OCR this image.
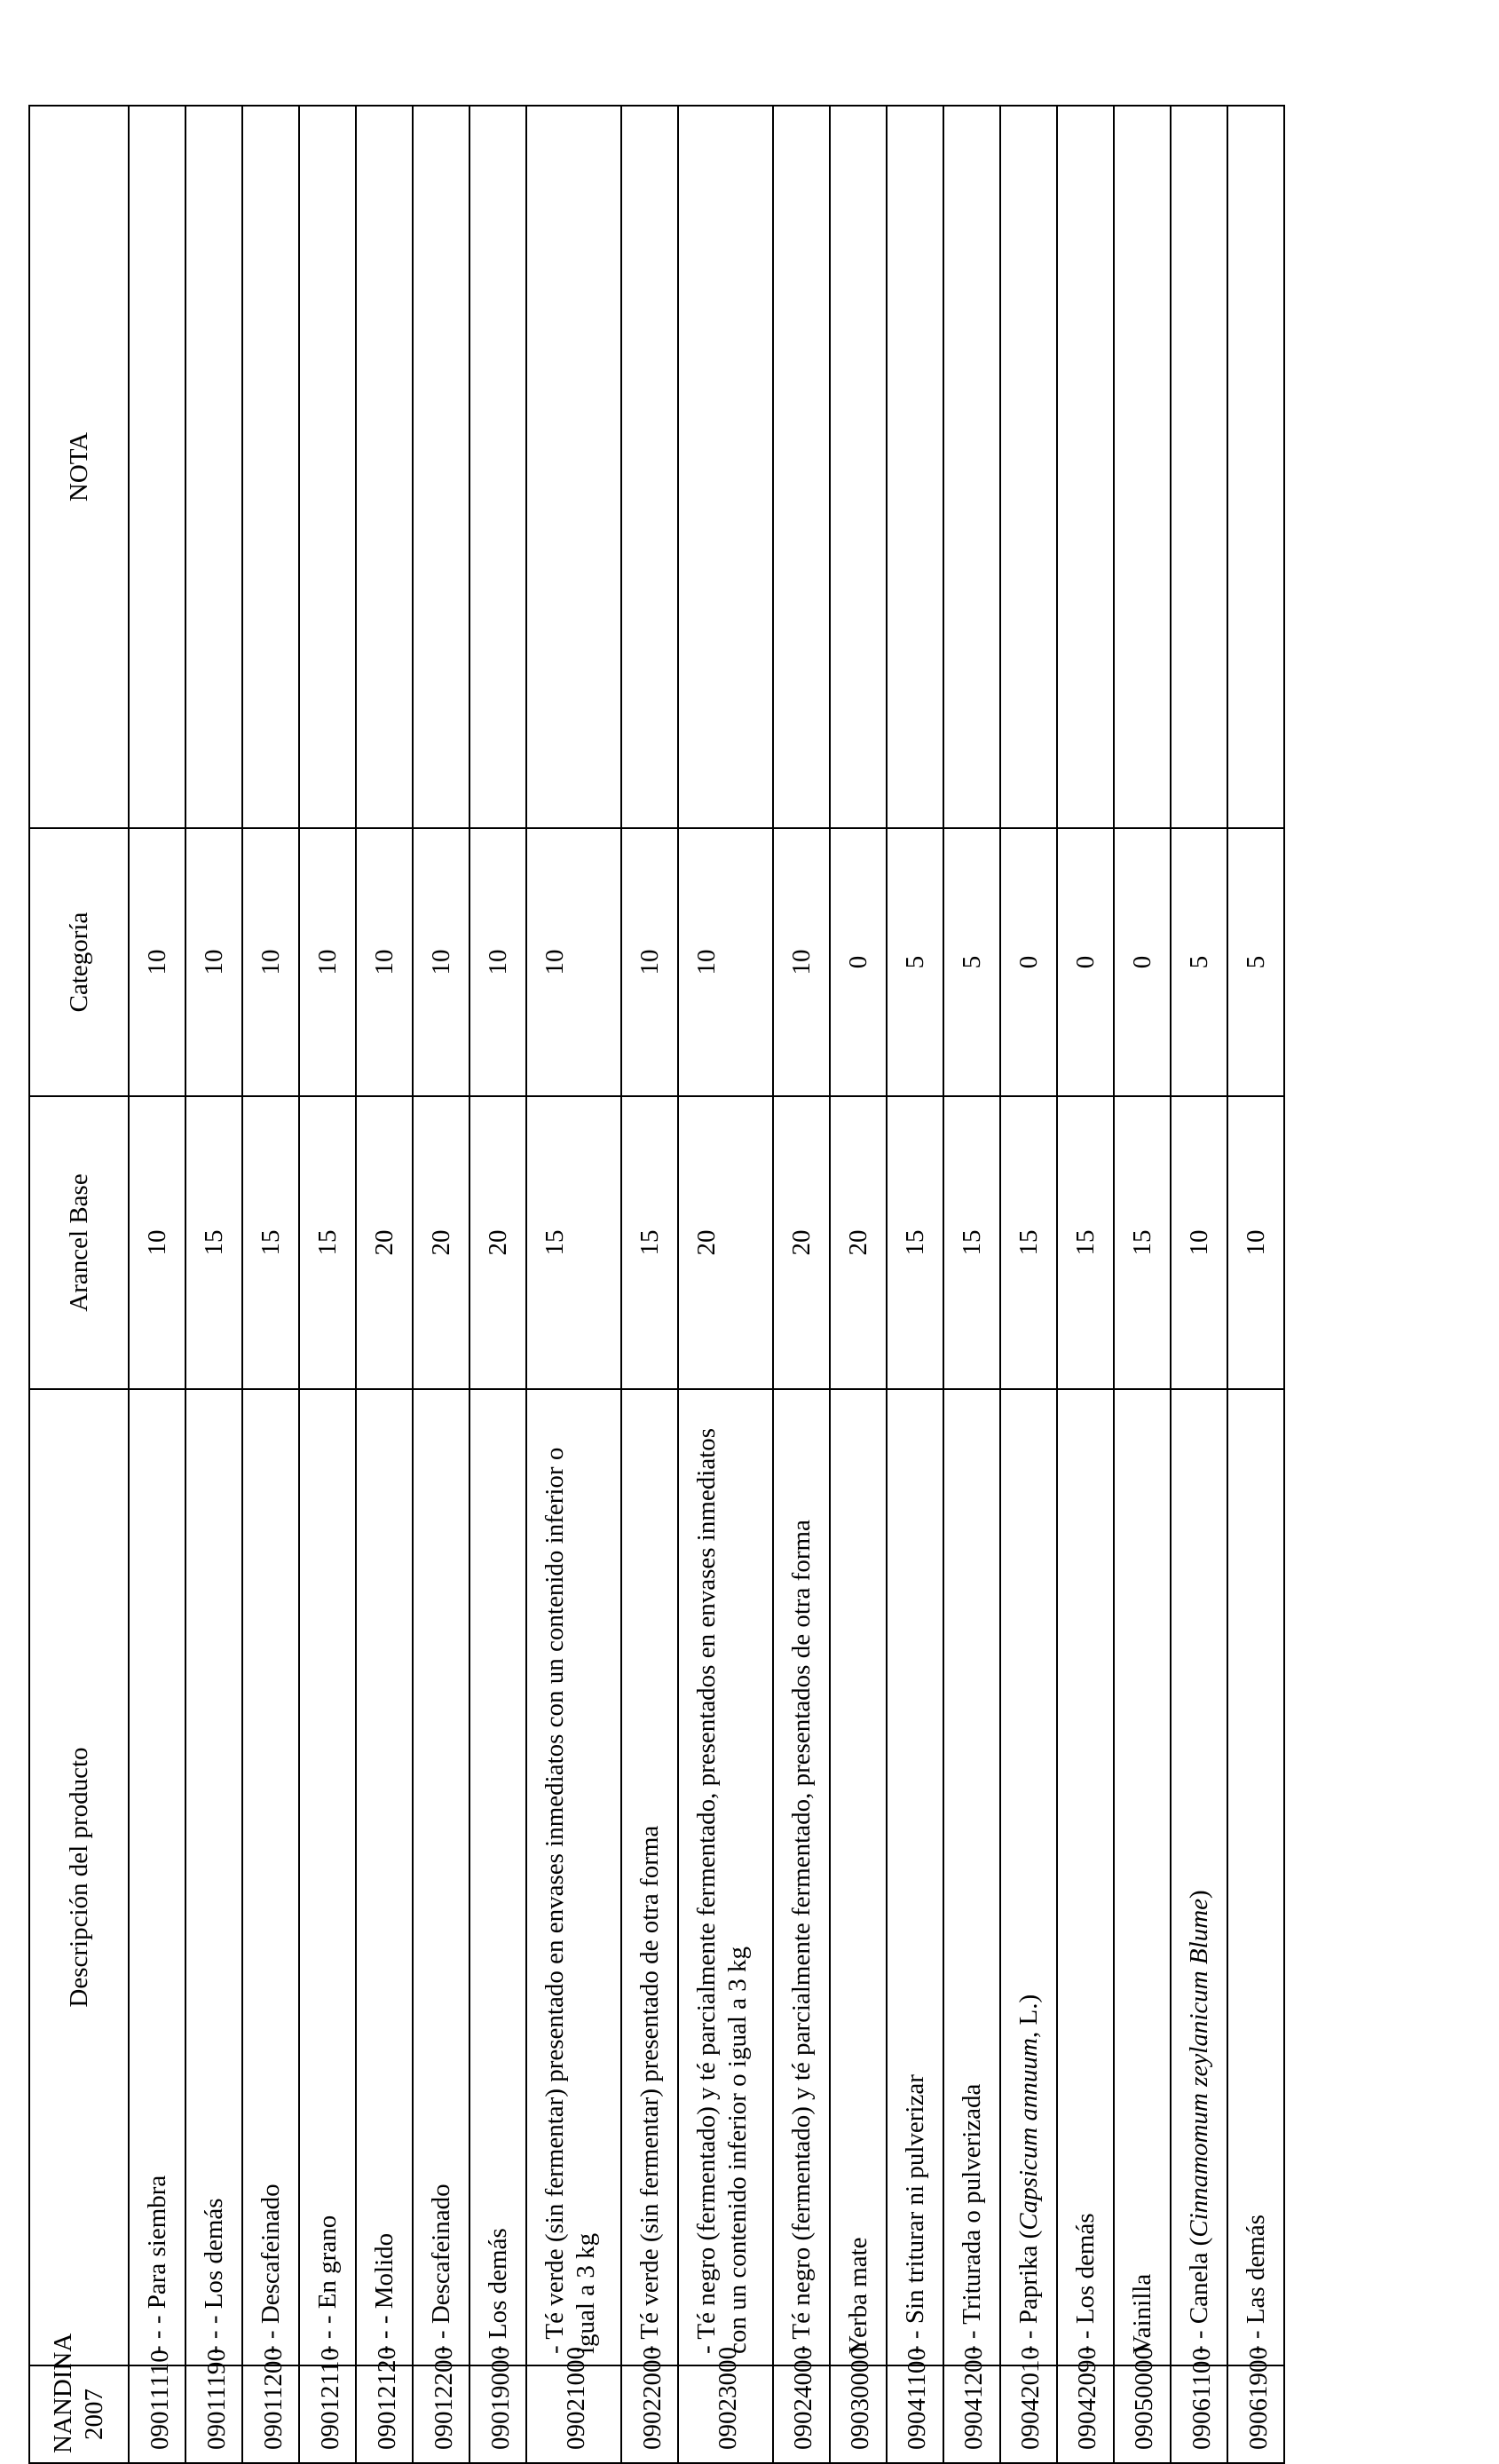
NANDINA 2007	Descripción del producto	Arancel Base	Categoría	NOTA
09011110	- - - Para siembra	10	10	
09011190	- - - Los demás	15	10	
09011200	- - Descafeinado	15	10	
09012110	- - - En grano	15	10	
09012120	- - - Molido	20	10	
09012200	- - Descafeinado	20	10	
09019000	- Los demás	20	10	
09021000	- Té verde (sin fermentar) presentado en envases inmediatos con un contenido inferior o igual a 3 kg	15	10	
09022000	- Té verde (sin fermentar) presentado de otra forma	15	10	
09023000	- Té negro (fermentado) y té parcialmente fermentado, presentados en envases inmediatos con un contenido inferior o igual a 3 kg	20	10	
09024000	- Té negro (fermentado) y té parcialmente fermentado, presentados de otra forma	20	10	
09030000	Yerba mate	20	0	
09041100	- - Sin triturar ni pulverizar	15	5	
09041200	- - Triturada o pulverizada	15	5	
09042010	- - Paprika (Capsicum annuum, L.)	15	0	
09042090	- - Los demás	15	0	
09050000	Vainilla	15	0	
09061100	- - Canela (Cinnamomum zeylanicum Blume)	10	5	
09061900	- - Las demás	10	5	
